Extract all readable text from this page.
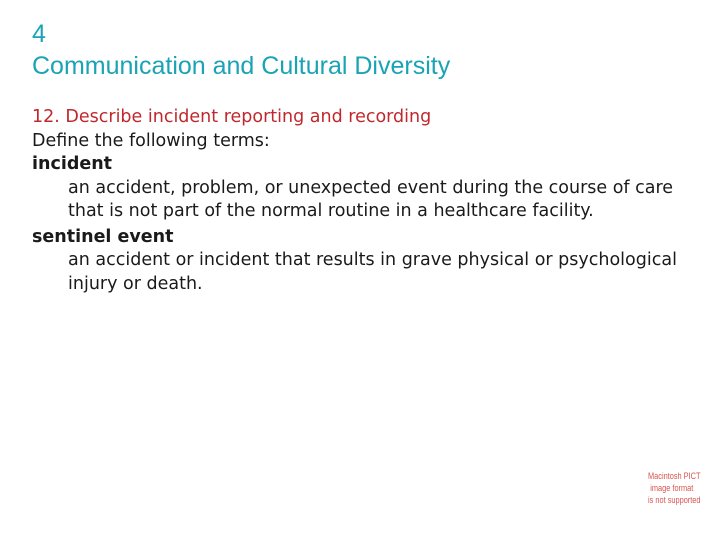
4
Communication and Cultural Diversity
12. Describe incident reporting and recording
Define the following terms:
incident
an accident, problem, or unexpected event during the course of care that is not part of the normal routine in a healthcare facility.
sentinel event
an accident or incident that results in grave physical or psychological injury or death.
Macintosh PICT
image format
is not supported
